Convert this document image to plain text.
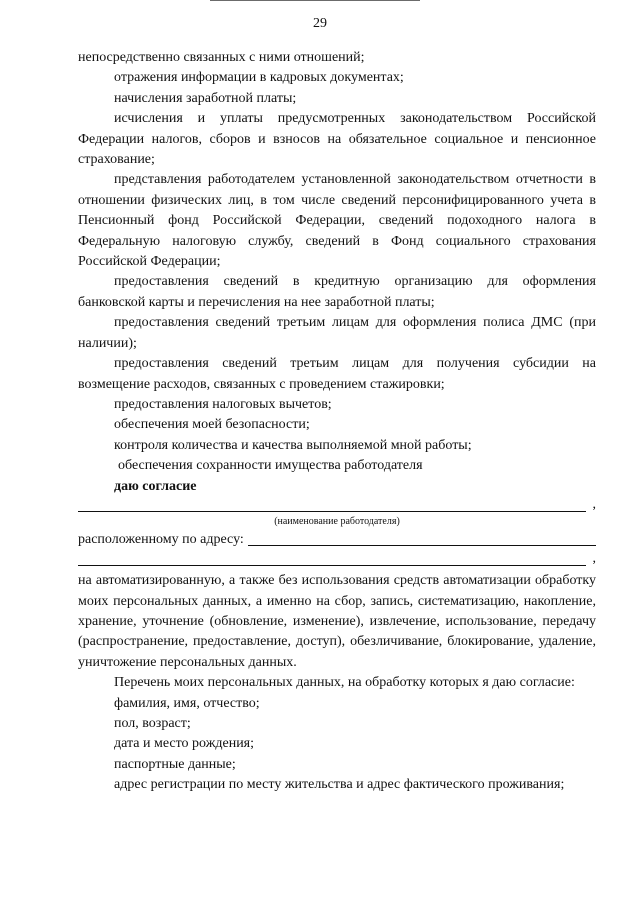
29

непосредственно связанных с ними отношений;

отражения информации в кадровых документах;

начисления заработной платы;

исчисления и уплаты предусмотренных законодательством Российской Федерации налогов, сборов и взносов на обязательное социальное и пенсионное страхование;

представления работодателем установленной законодательством отчетности в отношении физических лиц, в том числе сведений персонифицированного учета в Пенсионный фонд Российской Федерации, сведений подоходного налога в Федеральную налоговую службу, сведений в Фонд социального страхования Российской Федерации;

предоставления сведений в кредитную организацию для оформления банковской карты и перечисления на нее заработной платы;

предоставления сведений третьим лицам для оформления полиса ДМС (при наличии);

предоставления сведений третьим лицам для получения субсидии на возмещение расходов, связанных с проведением стажировки;

предоставления налоговых вычетов;

обеспечения моей безопасности;

контроля количества и качества выполняемой мной работы;

обеспечения сохранности имущества работодателя

даю согласие

,
(наименование работодателя)
расположенному по адресу:
,

на автоматизированную, а также без использования средств автоматизации обработку моих персональных данных, а именно на сбор, запись, систематизацию, накопление, хранение, уточнение (обновление, изменение), извлечение, использование, передачу (распространение, предоставление, доступ), обезличивание, блокирование, удаление, уничтожение персональных данных.

Перечень моих персональных данных, на обработку которых я даю согласие:

фамилия, имя, отчество;

пол, возраст;

дата и место рождения;

паспортные данные;

адрес регистрации по месту жительства и адрес фактического проживания;
